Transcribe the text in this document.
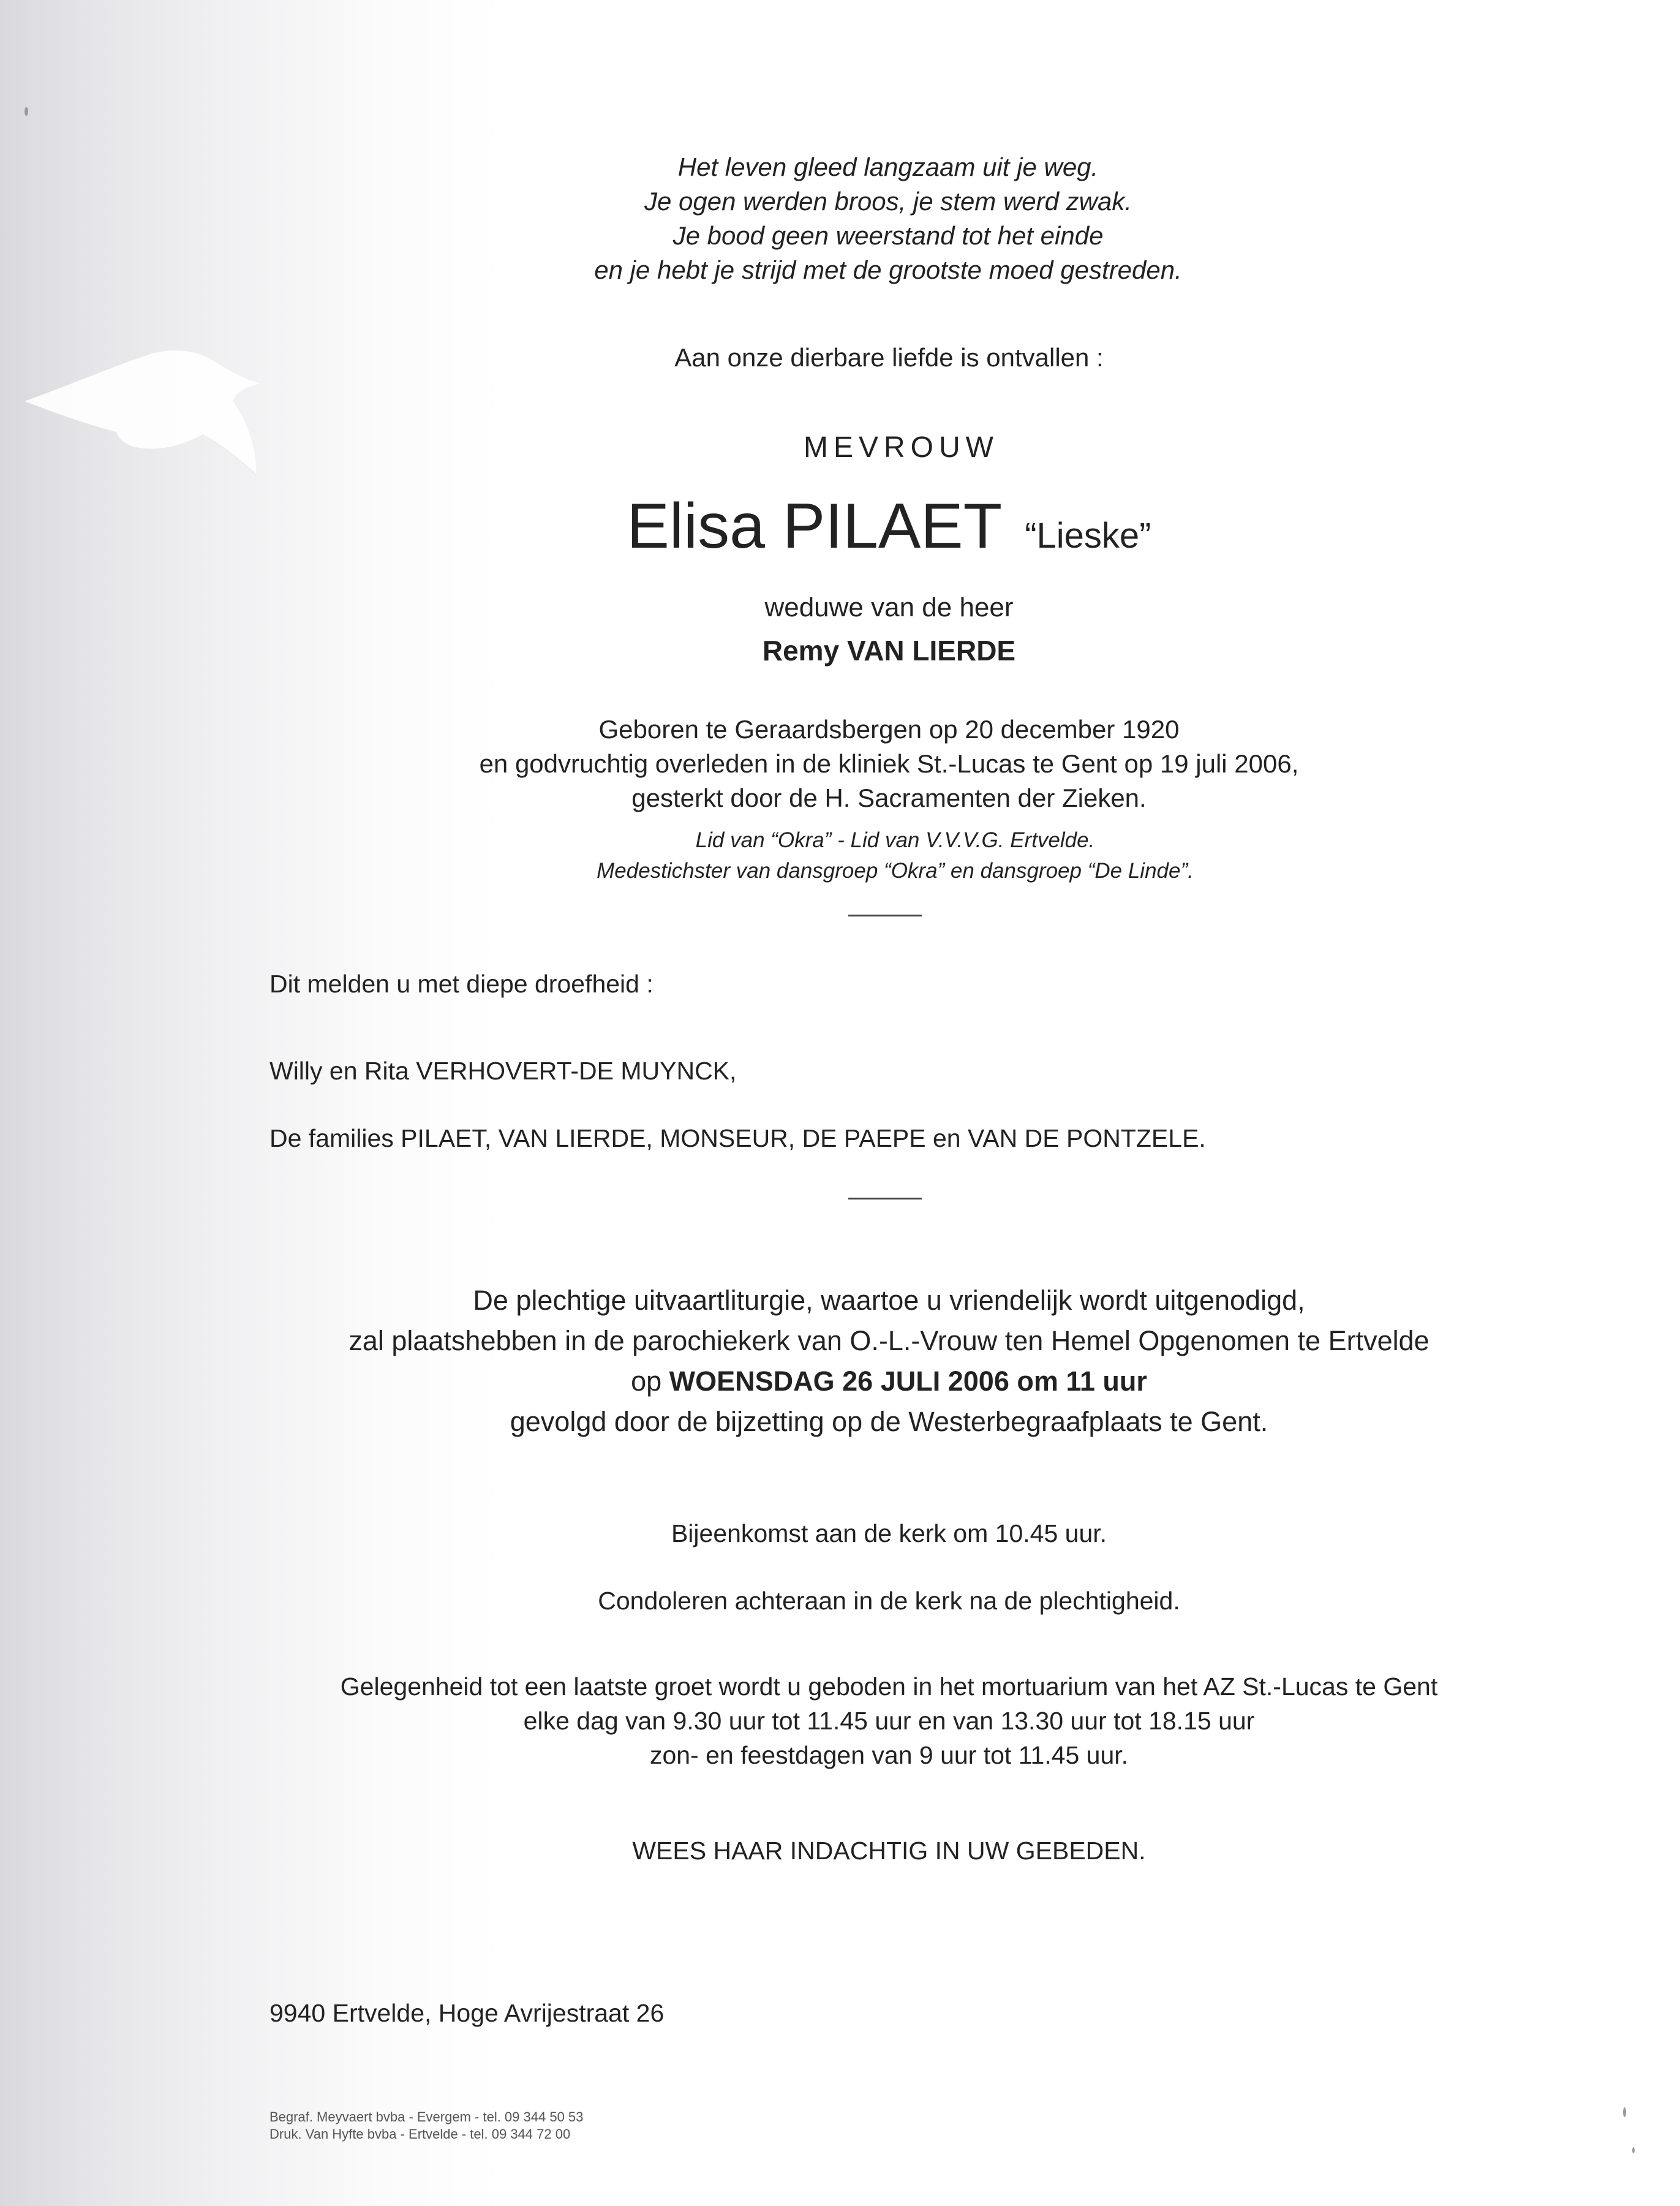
Het leven gleed langzaam uit je weg.
Je ogen werden broos, je stem werd zwak.
Je bood geen weerstand tot het einde
en je hebt je strijd met de grootste moed gestreden.

Aan onze dierbare liefde is ontvallen :

MEVROUW

Elisa PILAET “Lieske”

weduwe van de heer

Remy VAN LIERDE

Geboren te Geraardsbergen op 20 december 1920
en godvruchtig overleden in de kliniek St.-Lucas te Gent op 19 juli 2006,
gesterkt door de H. Sacramenten der Zieken.
Lid van “Okra” - Lid van V.V.V.G. Ertvelde.
Medestichster van dansgroep “Okra” en dansgroep “De Linde”.

Dit melden u met diepe droefheid :

Willy en Rita VERHOVERT-DE MUYNCK,

De families PILAET, VAN LIERDE, MONSEUR, DE PAEPE en VAN DE PONTZELE.

De plechtige uitvaartliturgie, waartoe u vriendelijk wordt uitgenodigd,
zal plaatshebben in de parochiekerk van O.-L.-Vrouw ten Hemel Opgenomen te Ertvelde
op WOENSDAG 26 JULI 2006 om 11 uur
gevolgd door de bijzetting op de Westerbegraafplaats te Gent.

Bijeenkomst aan de kerk om 10.45 uur.

Condoleren achteraan in de kerk na de plechtigheid.

Gelegenheid tot een laatste groet wordt u geboden in het mortuarium van het AZ St.-Lucas te Gent
elke dag van 9.30 uur tot 11.45 uur en van 13.30 uur tot 18.15 uur
zon- en feestdagen van 9 uur tot 11.45 uur.

WEES HAAR INDACHTIG IN UW GEBEDEN.

9940 Ertvelde, Hoge Avrijestraat 26

Begraf. Meyvaert bvba - Evergem - tel. 09 344 50 53
Druk. Van Hyfte bvba - Ertvelde - tel. 09 344 72 00
